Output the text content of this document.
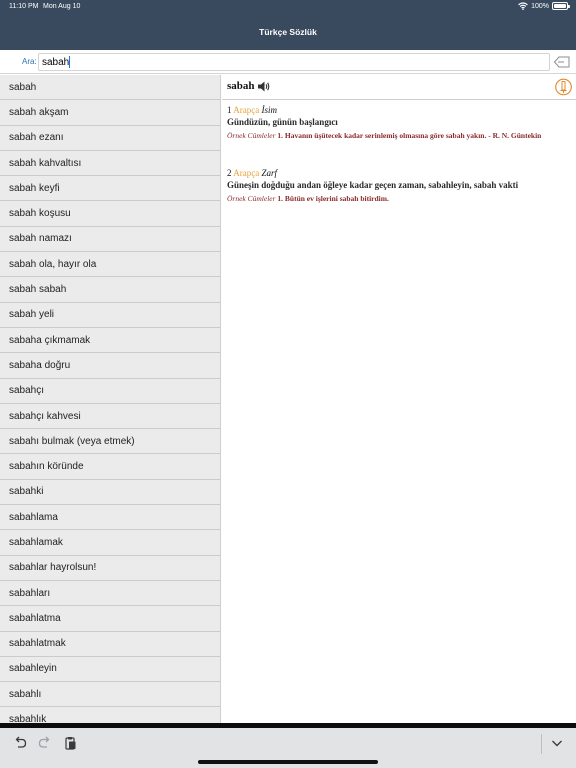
11:10 PM Mon Aug 10	100%
Türkçe Sözlük
Ara:
sabah
sabah
sabah akşam
sabah ezanı
sabah kahvaltısı
sabah keyfi
sabah koşusu
sabah namazı
sabah ola, hayır ola
sabah sabah
sabah yeli
sabaha çıkmamak
sabaha doğru
sabahçı
sabahçı kahvesi
sabahı bulmak (veya etmek)
sabahın köründe
sabahki
sabahlama
sabahlamak
sabahlar hayrolsun!
sabahları
sabahlatma
sabahlatmak
sabahleyin
sabahlı
sabahlık
sabah
1 Arapça İsim
Gündüzün, günün başlangıcı
Örnek Cümleler 1. Havanın üşütecek kadar serinlemiş olmasına göre sabah yakın. - R. N. Güntekin
2 Arapça Zarf
Güneşin doğduğu andan öğleye kadar geçen zaman, sabahleyin, sabah vakti
Örnek Cümleler 1. Bütün ev işlerini sabah bitirdim.
